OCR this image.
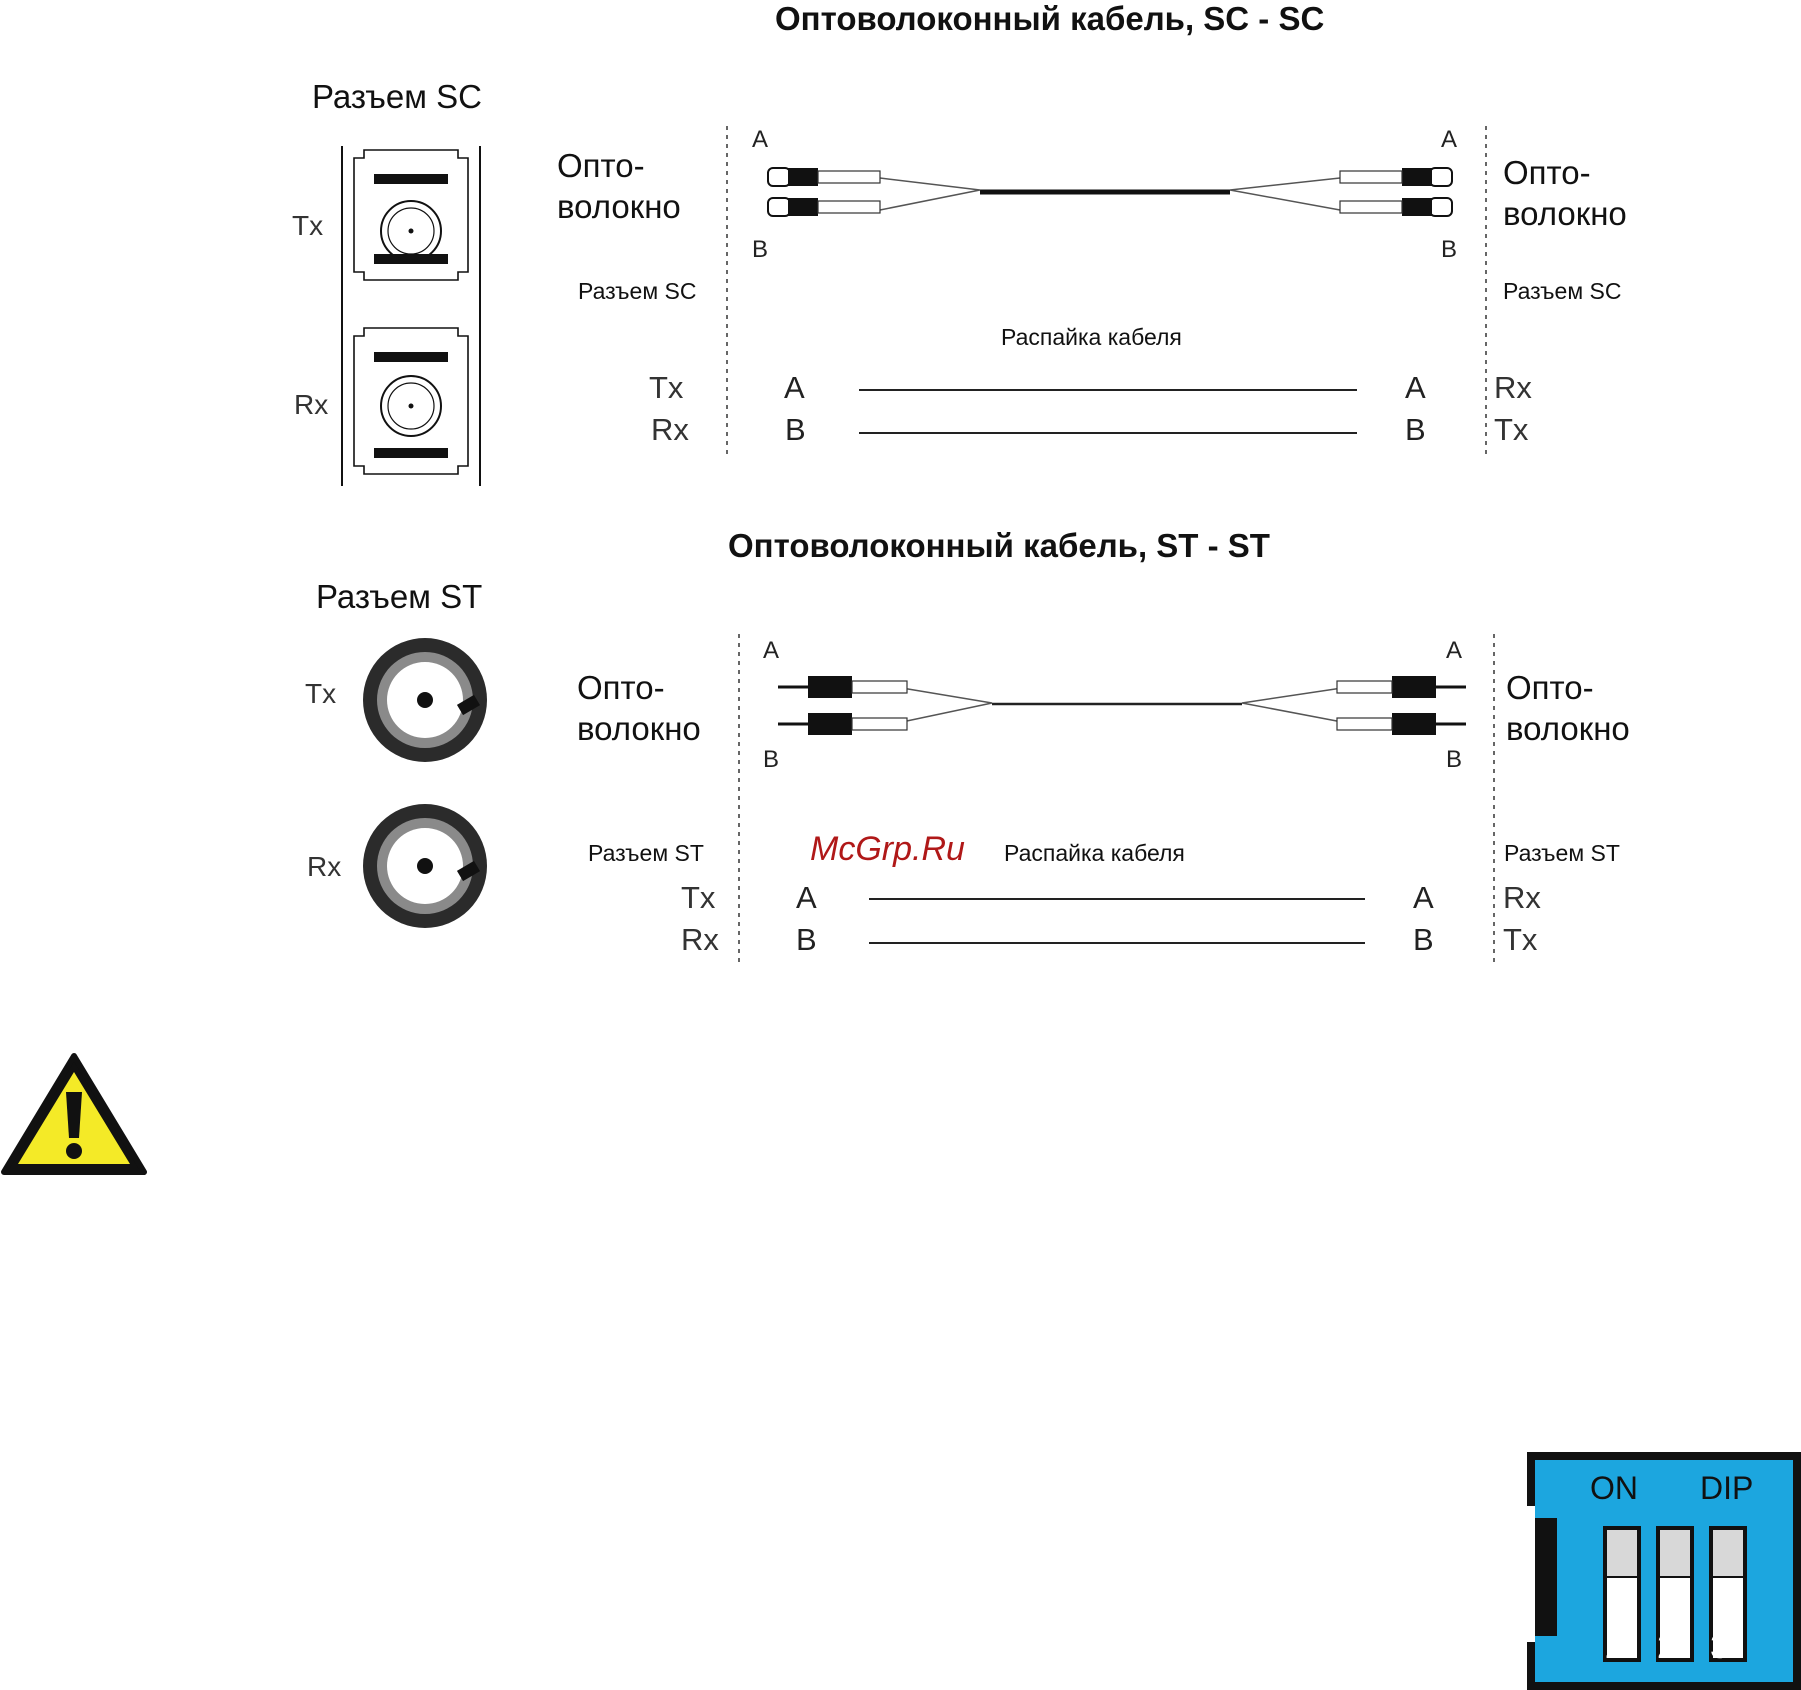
Оптоволоконный кабель, SC - SC
Разъем SC
Tx
Rx
Опто-
волокно
Разъем SC
Опто-
волокно
Разъем SC
A
B
A
B
Распайка кабеля
Tx	A	A Rx
Rx	B	B Tx
Оптоволоконный кабель, ST - ST
Разъем ST
Tx
Rx
Опто-
волокно
Опто-
волокно
Разъем ST	Разъем ST
A
B
A
B
McGrp.Ru Распайка кабеля
Tx	A	A Rx
Rx B	B Tx
ON DIP
1 2 3
